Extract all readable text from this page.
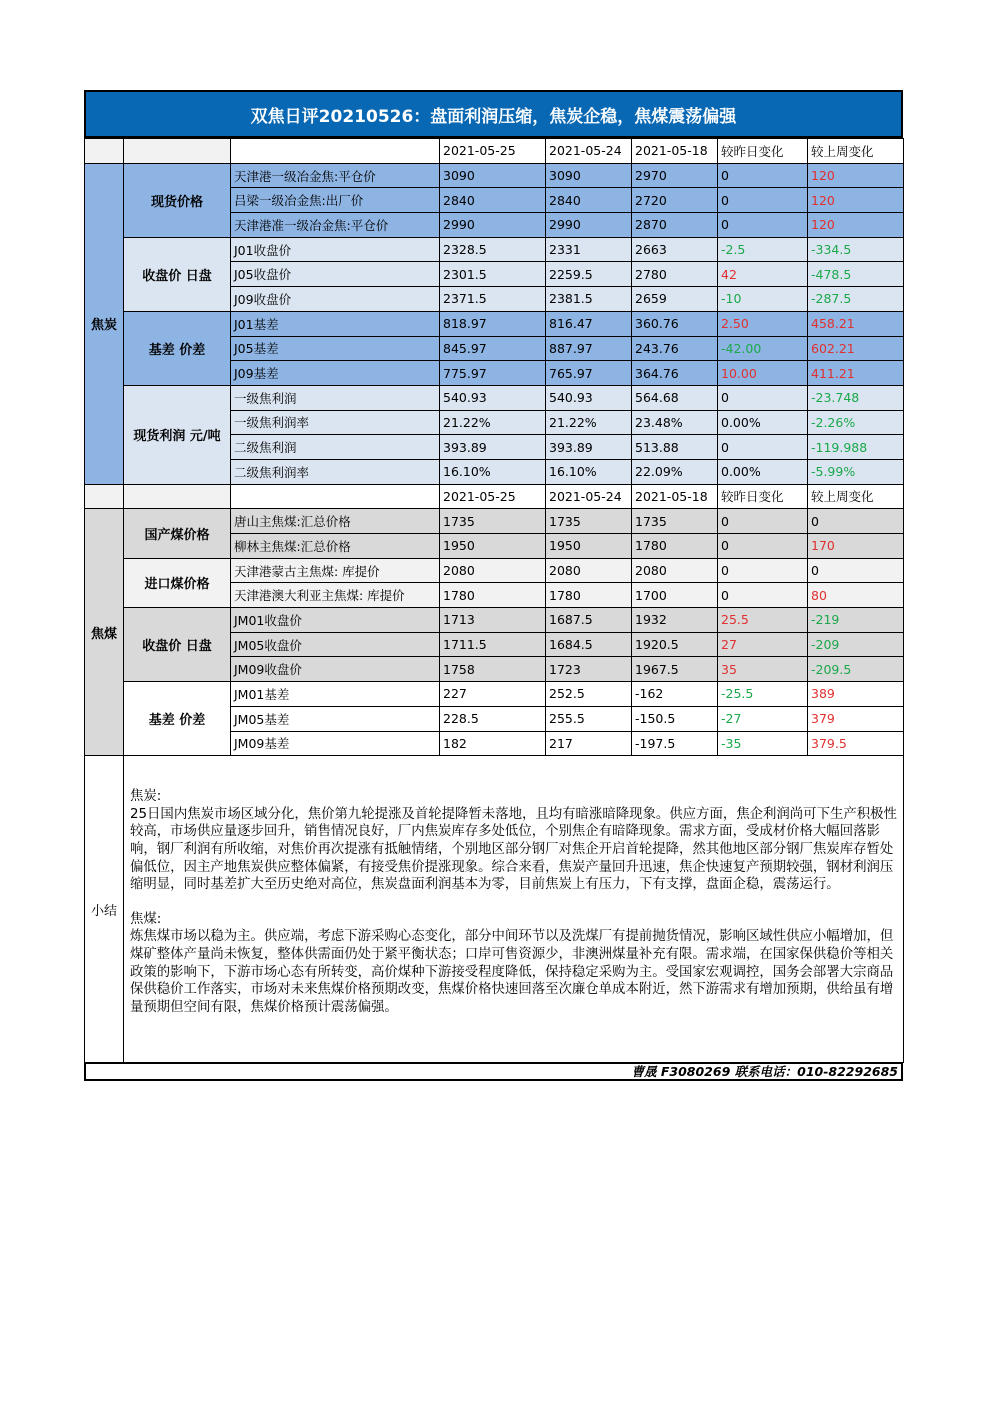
双焦日评20210526：盘面利润压缩，焦炭企稳，焦煤震荡偏强
			2021-05-25	2021-05-24	2021-05-18	较昨日变化	较上周变化
焦炭	现货价格	天津港一级冶金焦:平仓价	3090	3090	2970	0	120
		吕梁一级冶金焦:出厂价	2840	2840	2720	0	120
		天津港准一级冶金焦:平仓价	2990	2990	2870	0	120
	收盘价 日盘	J01收盘价	2328.5	2331	2663	-2.5	-334.5
		J05收盘价	2301.5	2259.5	2780	42	-478.5
		J09收盘价	2371.5	2381.5	2659	-10	-287.5
	基差 价差	J01基差	818.97	816.47	360.76	2.50	458.21
		J05基差	845.97	887.97	243.76	-42.00	602.21
		J09基差	775.97	765.97	364.76	10.00	411.21
	现货利润 元/吨	一级焦利润	540.93	540.93	564.68	0	-23.748
		一级焦利润率	21.22%	21.22%	23.48%	0.00%	-2.26%
		二级焦利润	393.89	393.89	513.88	0	-119.988
		二级焦利润率	16.10%	16.10%	22.09%	0.00%	-5.99%
			2021-05-25	2021-05-24	2021-05-18	较昨日变化	较上周变化
焦煤	国产煤价格	唐山主焦煤:汇总价格	1735	1735	1735	0	0
		柳林主焦煤:汇总价格	1950	1950	1780	0	170
	进口煤价格	天津港蒙古主焦煤: 库提价	2080	2080	2080	0	0
		天津港澳大利亚主焦煤: 库提价	1780	1780	1700	0	80
	收盘价 日盘	JM01收盘价	1713	1687.5	1932	25.5	-219
		JM05收盘价	1711.5	1684.5	1920.5	27	-209
		JM09收盘价	1758	1723	1967.5	35	-209.5
	基差 价差	JM01基差	227	252.5	-162	-25.5	389
		JM05基差	228.5	255.5	-150.5	-27	379
		JM09基差	182	217	-197.5	-35	379.5
小结	焦炭:
25日国内焦炭市场区域分化，焦价第九轮提涨及首轮提降暂未落地，且均有暗涨暗降现象。供应方面，焦企利润尚可下生产积极性较高，市场供应量逐步回升，销售情况良好，厂内焦炭库存多处低位，个别焦企有暗降现象。需求方面，受成材价格大幅回落影响，钢厂利润有所收缩，对焦价再次提涨有抵触情绪，个别地区部分钢厂对焦企开启首轮提降，然其他地区部分钢厂焦炭库存暂处偏低位，因主产地焦炭供应整体偏紧，有接受焦价提涨现象。综合来看，焦炭产量回升迅速，焦企快速复产预期较强，钢材利润压缩明显，同时基差扩大至历史绝对高位，焦炭盘面利润基本为零，目前焦炭上有压力，下有支撑，盘面企稳，震荡运行。

焦煤:
炼焦煤市场以稳为主。供应端，考虑下游采购心态变化，部分中间环节以及洗煤厂有提前抛货情况，影响区域性供应小幅增加，但煤矿整体产量尚未恢复，整体供需面仍处于紧平衡状态；口岸可售资源少，非澳洲煤量补充有限。需求端，在国家保供稳价等相关政策的影响下，下游市场心态有所转变，高价煤种下游接受程度降低，保持稳定采购为主。受国家宏观调控，国务会部署大宗商品保供稳价工作落实，市场对未来焦煤价格预期改变，焦煤价格快速回落至次廉仓单成本附近，然下游需求有增加预期，供给虽有增量预期但空间有限，焦煤价格预计震荡偏强。						

曹晟 F3080269 联系电话：010-82292685
